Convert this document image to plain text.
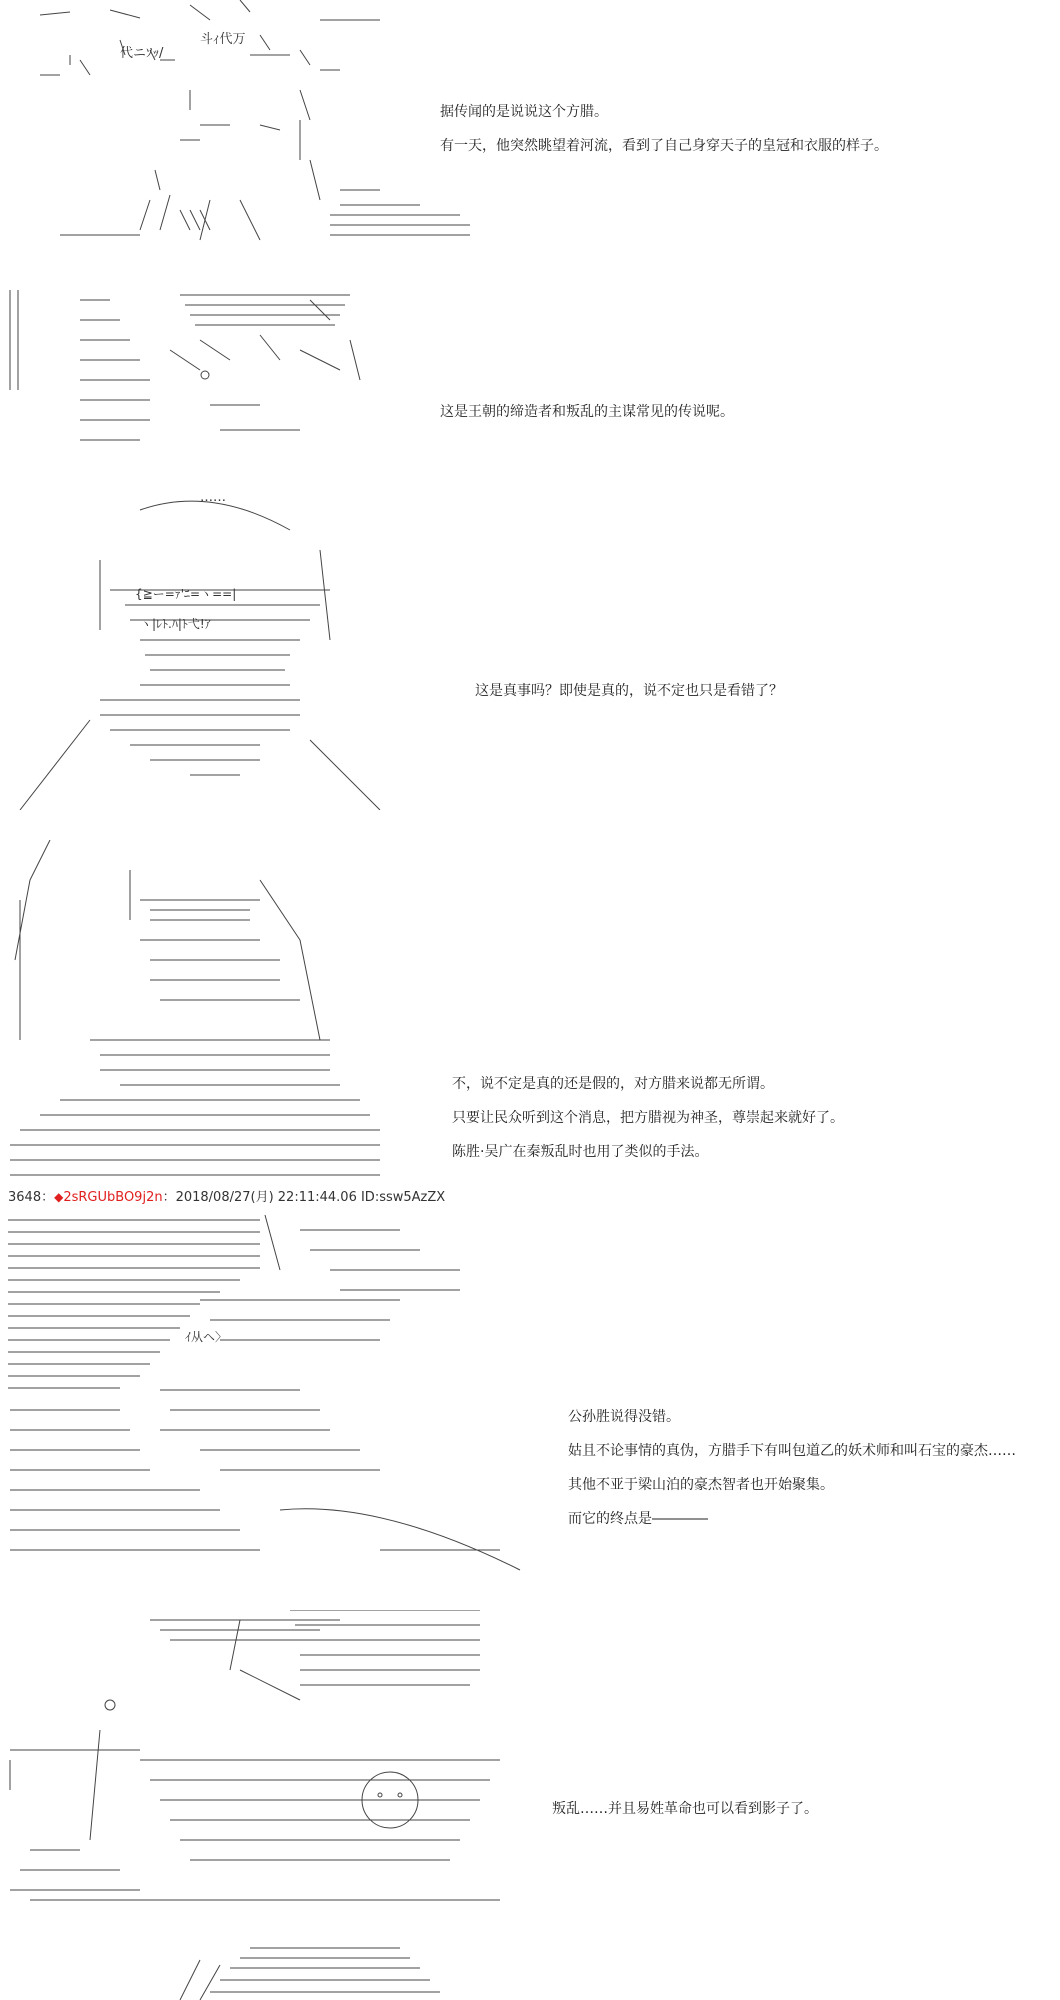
斗ｨ代万
代ニｿｯ/
……
{≧ー=ｧ'ﾆ=ヽ==|
ヽ|ﾚﾄ.ﾊ|ﾄ弋!ｱ
3648：◆2sRGUbBO9j2n：2018/08/27(月) 22:11:44.06 ID:ssw5AzZX
ｲ从ヘ〉

据传闻的是说说这个方腊。

有一天，他突然眺望着河流，看到了自己身穿天子的皇冠和衣服的样子。

这是王朝的缔造者和叛乱的主谋常见的传说呢。

这是真事吗？即使是真的，说不定也只是看错了？

不，说不定是真的还是假的，对方腊来说都无所谓。

只要让民众听到这个消息，把方腊视为神圣，尊崇起来就好了。

陈胜·吴广在秦叛乱时也用了类似的手法。

公孙胜说得没错。

姑且不论事情的真伪，方腊手下有叫包道乙的妖术师和叫石宝的豪杰……

其他不亚于梁山泊的豪杰智者也开始聚集。

而它的终点是――――

叛乱……并且易姓革命也可以看到影子了。
